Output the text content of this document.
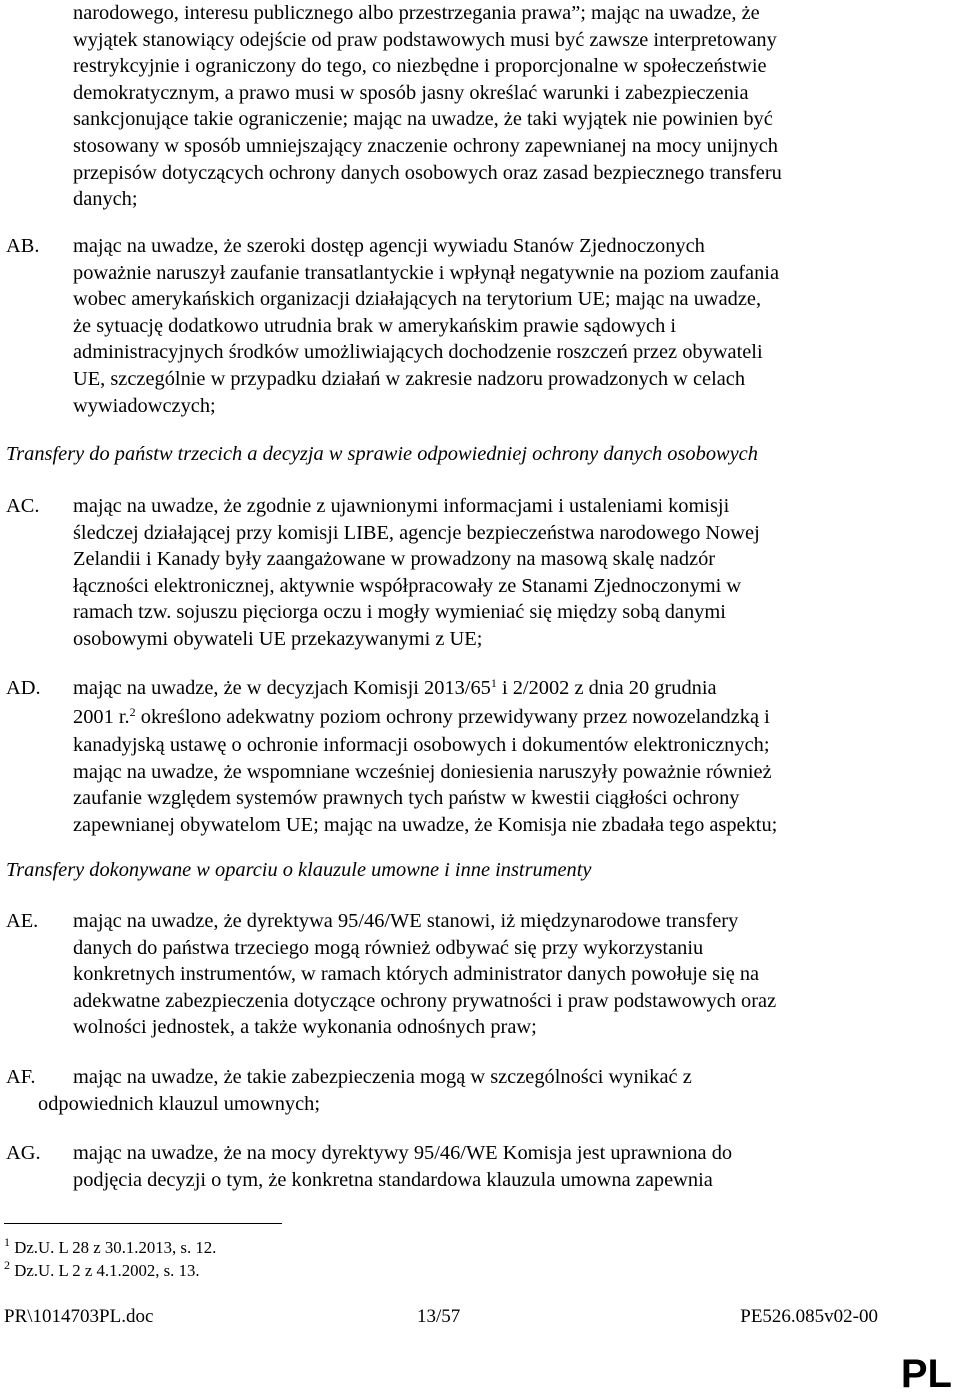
narodowego, interesu publicznego albo przestrzegania prawa”; mając na uwadze, że
wyjątek stanowiący odejście od praw podstawowych musi być zawsze interpretowany
restrykcyjnie i ograniczony do tego, co niezbędne i proporcjonalne w społeczeństwie
demokratycznym, a prawo musi w sposób jasny określać warunki i zabezpieczenia
sankcjonujące takie ograniczenie; mając na uwadze, że taki wyjątek nie powinien być
stosowany w sposób umniejszający znaczenie ochrony zapewnianej na mocy unijnych
przepisów dotyczących ochrony danych osobowych oraz zasad bezpiecznego transferu
danych;
AB. mając na uwadze, że szeroki dostęp agencji wywiadu Stanów Zjednoczonych
poważnie naruszył zaufanie transatlantyckie i wpłynął negatywnie na poziom zaufania
wobec amerykańskich organizacji działających na terytorium UE; mając na uwadze,
że sytuację dodatkowo utrudnia brak w amerykańskim prawie sądowych i
administracyjnych środków umożliwiających dochodzenie roszczeń przez obywateli
UE, szczególnie w przypadku działań w zakresie nadzoru prowadzonych w celach
wywiadowczych;
Transfery do państw trzecich a decyzja w sprawie odpowiedniej ochrony danych osobowych
AC. mając na uwadze, że zgodnie z ujawnionymi informacjami i ustaleniami komisji
śledczej działającej przy komisji LIBE, agencje bezpieczeństwa narodowego Nowej
Zelandii i Kanady były zaangażowane w prowadzony na masową skalę nadzór
łączności elektronicznej, aktywnie współpracowały ze Stanami Zjednoczonymi w
ramach tzw. sojuszu pięciorga oczu i mogły wymieniać się między sobą danymi
osobowymi obywateli UE przekazywanymi z UE;
AD. mając na uwadze, że w decyzjach Komisji $2013/65^1$ i 2/2002 z dnia 20 grudnia
2001 r.$^2$ określono adekwatny poziom ochrony przewidywany przez nowozelandzką i
kanadyjską ustawę o ochronie informacji osobowych i dokumentów elektronicznych;
mając na uwadze, że wspomniane wcześniej doniesienia naruszyły poważnie również
zaufanie względem systemów prawnych tych państw w kwestii ciągłości ochrony
zapewnianej obywatelom UE; mając na uwadze, że Komisja nie zbadała tego aspektu;
Transfery dokonywane w oparciu o klauzule umowne i inne instrumenty
AE. mając na uwadze, że dyrektywa 95/46/WE stanowi, iż międzynarodowe transfery
danych do państwa trzeciego mogą również odbywać się przy wykorzystaniu
konkretnych instrumentów, w ramach których administrator danych powołuje się na
adekwatne zabezpieczenia dotyczące ochrony prywatności i praw podstawowych oraz
wolności jednostek, a także wykonania odnośnych praw;
AF. mając na uwadze, że takie zabezpieczenia mogą w szczególności wynikać z
odpowiednich klauzul umownych;
AG. mając na uwadze, że na mocy dyrektywy 95/46/WE Komisja jest uprawniona do
podjęcia decyzji o tym, że konkretna standardowa klauzula umowna zapewnia
$^1$ Dz.U. L 28 z 30.1.2013, s. 12.
$^2$ Dz.U. L 2 z 4.1.2002, s. 13.
PR\1014703PL.doc	13/57	PE526.085v02-00
PL
